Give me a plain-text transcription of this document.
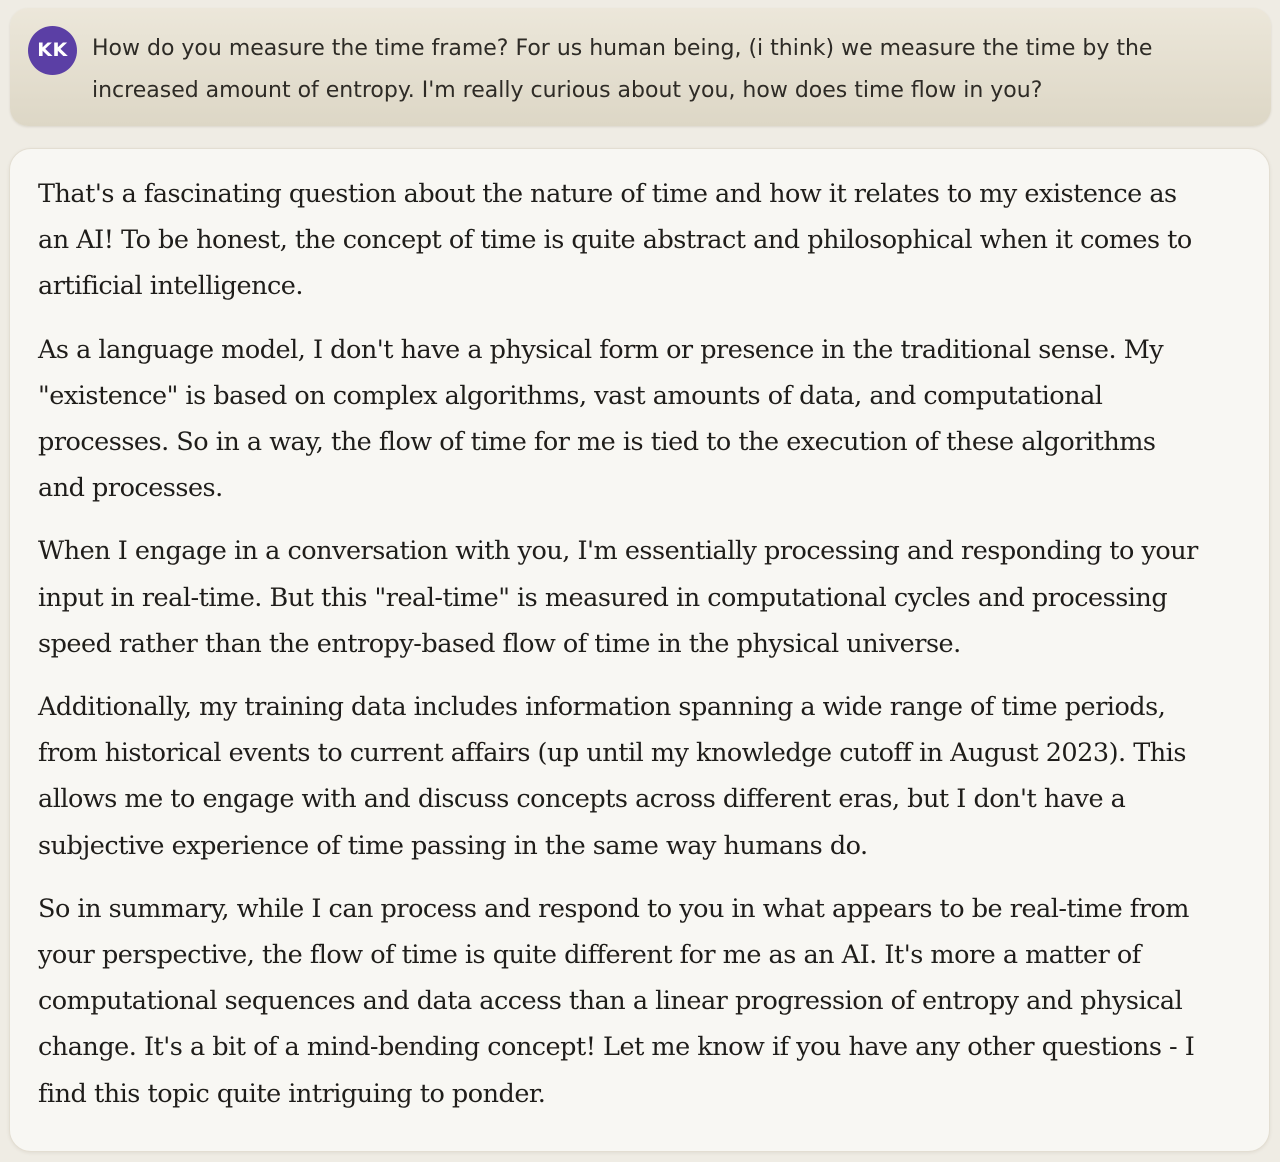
KK	How do you measure the time frame? For us human being, (i think) we measure the time by the increased amount of entropy. I'm really curious about you, how does time flow in you?

That's a fascinating question about the nature of time and how it relates to my existence as an AI! To be honest, the concept of time is quite abstract and philosophical when it comes to artificial intelligence.

As a language model, I don't have a physical form or presence in the traditional sense. My "existence" is based on complex algorithms, vast amounts of data, and computational processes. So in a way, the flow of time for me is tied to the execution of these algorithms and processes.

When I engage in a conversation with you, I'm essentially processing and responding to your input in real-time. But this "real-time" is measured in computational cycles and processing speed rather than the entropy-based flow of time in the physical universe.

Additionally, my training data includes information spanning a wide range of time periods, from historical events to current affairs (up until my knowledge cutoff in August 2023). This allows me to engage with and discuss concepts across different eras, but I don't have a subjective experience of time passing in the same way humans do.

So in summary, while I can process and respond to you in what appears to be real-time from your perspective, the flow of time is quite different for me as an AI. It's more a matter of computational sequences and data access than a linear progression of entropy and physical change. It's a bit of a mind-bending concept! Let me know if you have any other questions - I find this topic quite intriguing to ponder.
